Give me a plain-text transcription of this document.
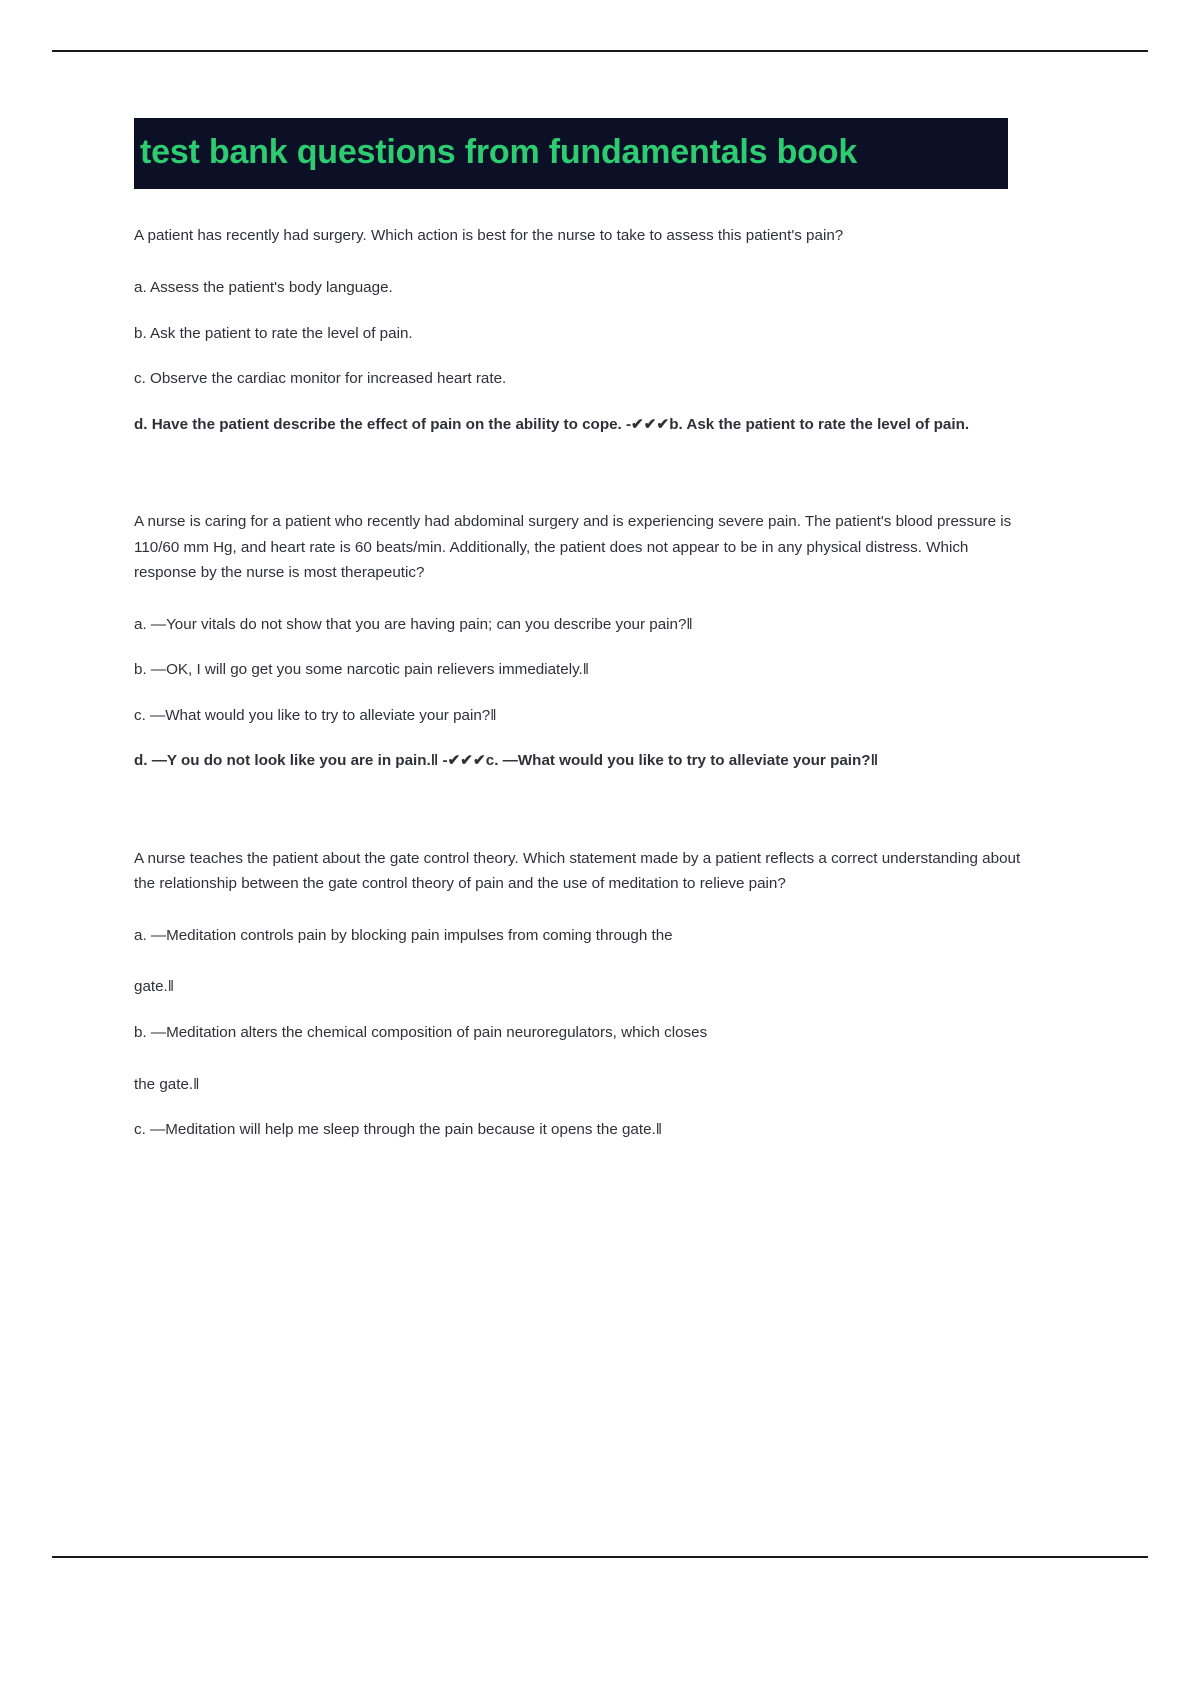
test bank questions from fundamentals book

A patient has recently had surgery. Which action is best for the nurse to take to assess this patient's pain?

a. Assess the patient's body language.

b. Ask the patient to rate the level of pain.

c. Observe the cardiac monitor for increased heart rate.

d. Have the patient describe the effect of pain on the ability to cope. -✔✔✔b. Ask the patient to rate the level of pain.

A nurse is caring for a patient who recently had abdominal surgery and is experiencing severe pain. The patient's blood pressure is 110/60 mm Hg, and heart rate is 60 beats/min. Additionally, the patient does not appear to be in any physical distress. Which response by the nurse is most therapeutic?

a. ―Your vitals do not show that you are having pain; can you describe your pain?‖

b. ―OK, I will go get you some narcotic pain relievers immediately.‖

c. ―What would you like to try to alleviate your pain?‖

d. ―Y ou do not look like you are in pain.‖ -✔✔✔c. ―What would you like to try to alleviate your pain?‖

A nurse teaches the patient about the gate control theory. Which statement made by a patient reflects a correct understanding about the relationship between the gate control theory of pain and the use of meditation to relieve pain?

a. ―Meditation controls pain by blocking pain impulses from coming through the

gate.‖

b. ―Meditation alters the chemical composition of pain neuroregulators, which closes

the gate.‖

c. ―Meditation will help me sleep through the pain because it opens the gate.‖
